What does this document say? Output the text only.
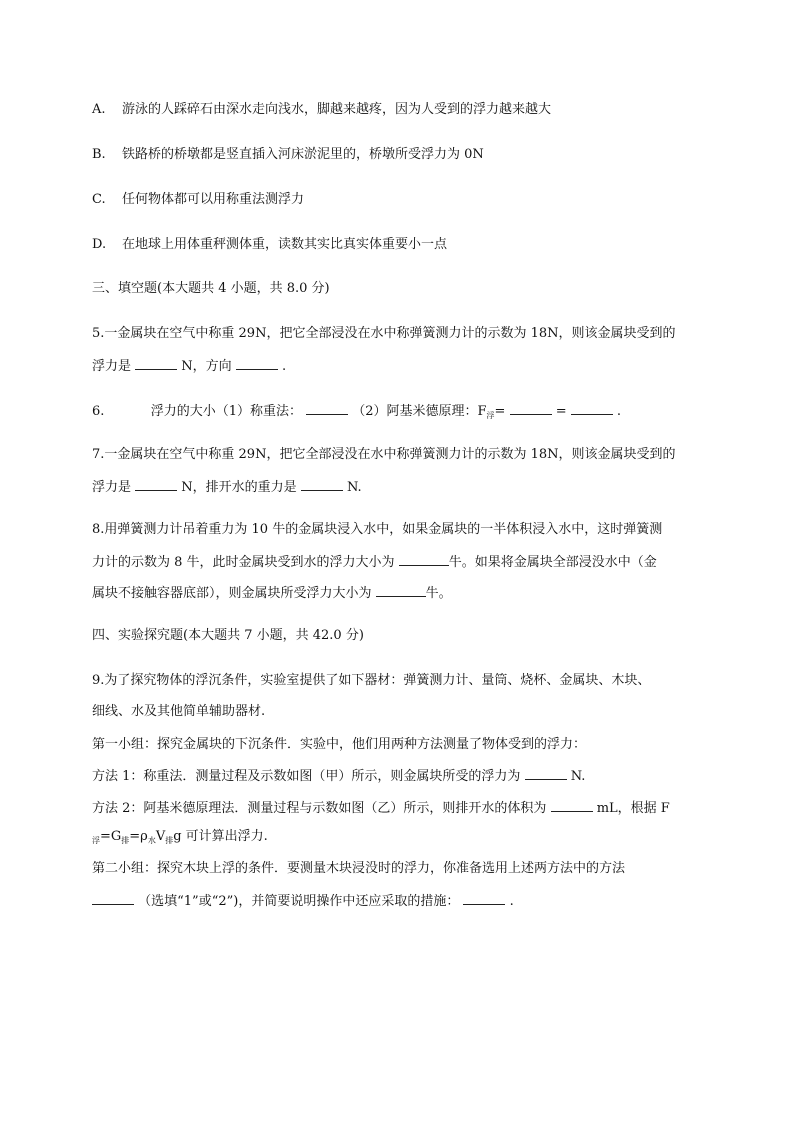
A. 游泳的人踩碎石由深水走向浅水，脚越来越疼，因为人受到的浮力越来越大
B. 铁路桥的桥墩都是竖直插入河床淤泥里的，桥墩所受浮力为 0N
C. 任何物体都可以用称重法测浮力
D. 在地球上用体重秤测体重，读数其实比真实体重要小一点
三、填空题(本大题共 4 小题，共 8.0 分)
5.一金属块在空气中称重 29N，把它全部浸没在水中称弹簧测力计的示数为 18N，则该金属块受到的
浮力是	N，方向	.
6.	浮力的大小（1）称重法：	（2）阿基米德原理：$F_浮=$	=	.
7.一金属块在空气中称重 29N，把它全部浸没在水中称弹簧测力计的示数为 18N，则该金属块受到的
浮力是	N，排开水的重力是	N.
8.用弹簧测力计吊着重力为 10 牛的金属块浸入水中，如果金属块的一半体积浸入水中，这时弹簧测
力计的示数为 8 牛，此时金属块受到水的浮力大小为	牛。如果将金属块全部浸没水中（金
属块不接触容器底部），则金属块所受浮力大小为	牛。
四、实验探究题(本大题共 7 小题，共 42.0 分)
9.为了探究物体的浮沉条件，实验室提供了如下器材：弹簧测力计、量筒、烧杯、金属块、木块、
细线、水及其他简单辅助器材.
第一小组：探究金属块的下沉条件．实验中，他们用两种方法测量了物体受到的浮力：
方法 1：称重法．测量过程及示数如图（甲）所示，则金属块所受的浮力为	N.
方法 2：阿基米德原理法．测量过程与示数如图（乙）所示，则排开水的体积为	mL，根据 F
$_浮=G_排=\rho_水V_排g$ 可计算出浮力.
第二小组：探究木块上浮的条件．要测量木块浸没时的浮力，你准备选用上述两方法中的方法
（选填“1”或“2”)，并简要说明操作中还应采取的措施：	.
